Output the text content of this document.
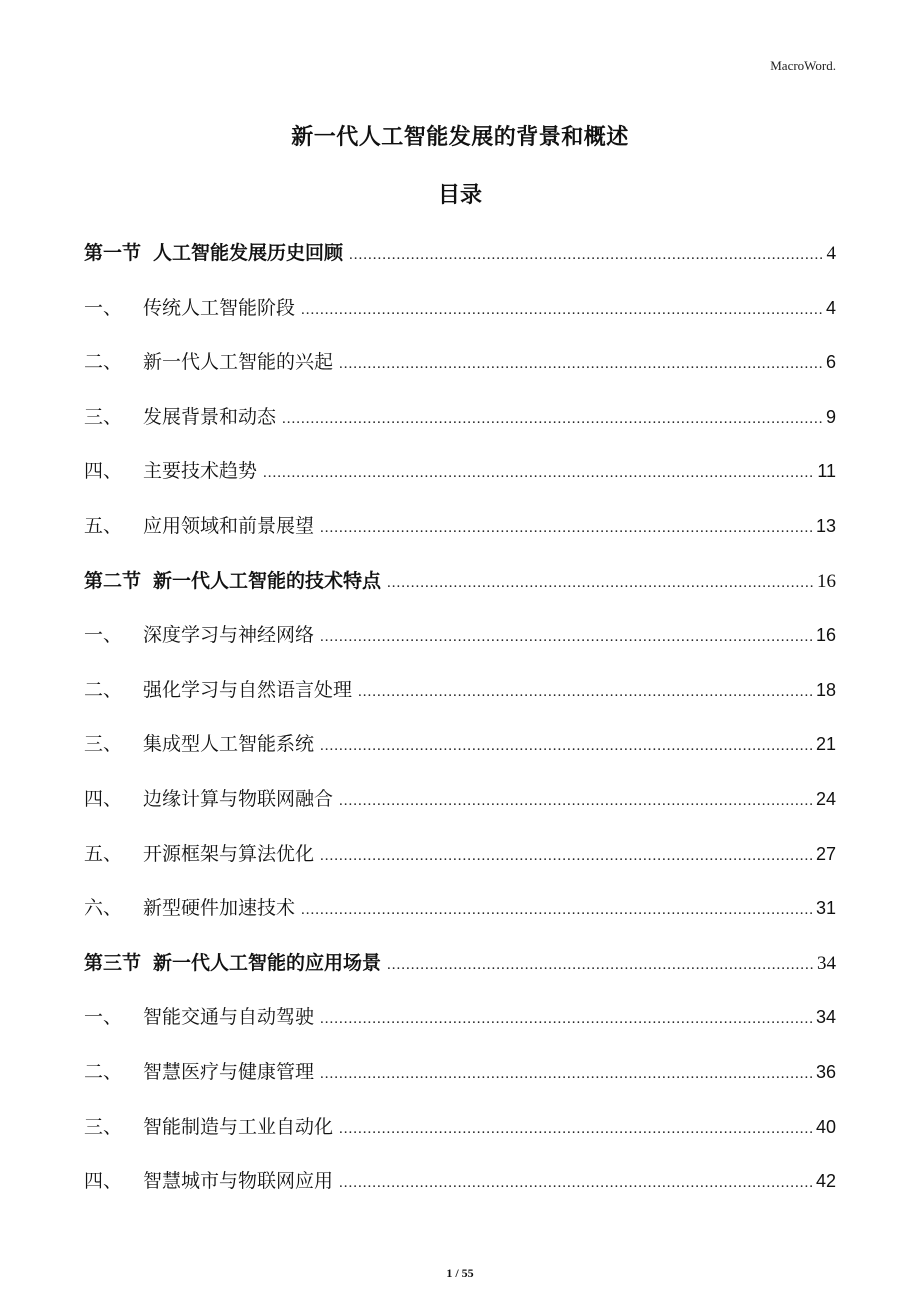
MacroWord.
新一代人工智能发展的背景和概述
目录
第一节 人工智能发展历史回顾 .....	4
一、	传统人工智能阶段 .....	4
二、	新一代人工智能的兴起 .....	6
三、	发展背景和动态 .....	9
四、	主要技术趋势 .....	11
五、	应用领域和前景展望 .....	13
第二节 新一代人工智能的技术特点 .....	16
一、	深度学习与神经网络 .....	16
二、	强化学习与自然语言处理 .....	18
三、	集成型人工智能系统 .....	21
四、	边缘计算与物联网融合 .....	24
五、	开源框架与算法优化 .....	27
六、	新型硬件加速技术 .....	31
第三节 新一代人工智能的应用场景 .....	34
一、	智能交通与自动驾驶 .....	34
二、	智慧医疗与健康管理 .....	36
三、	智能制造与工业自动化 .....	40
四、	智慧城市与物联网应用 .....	42
1 / 55
